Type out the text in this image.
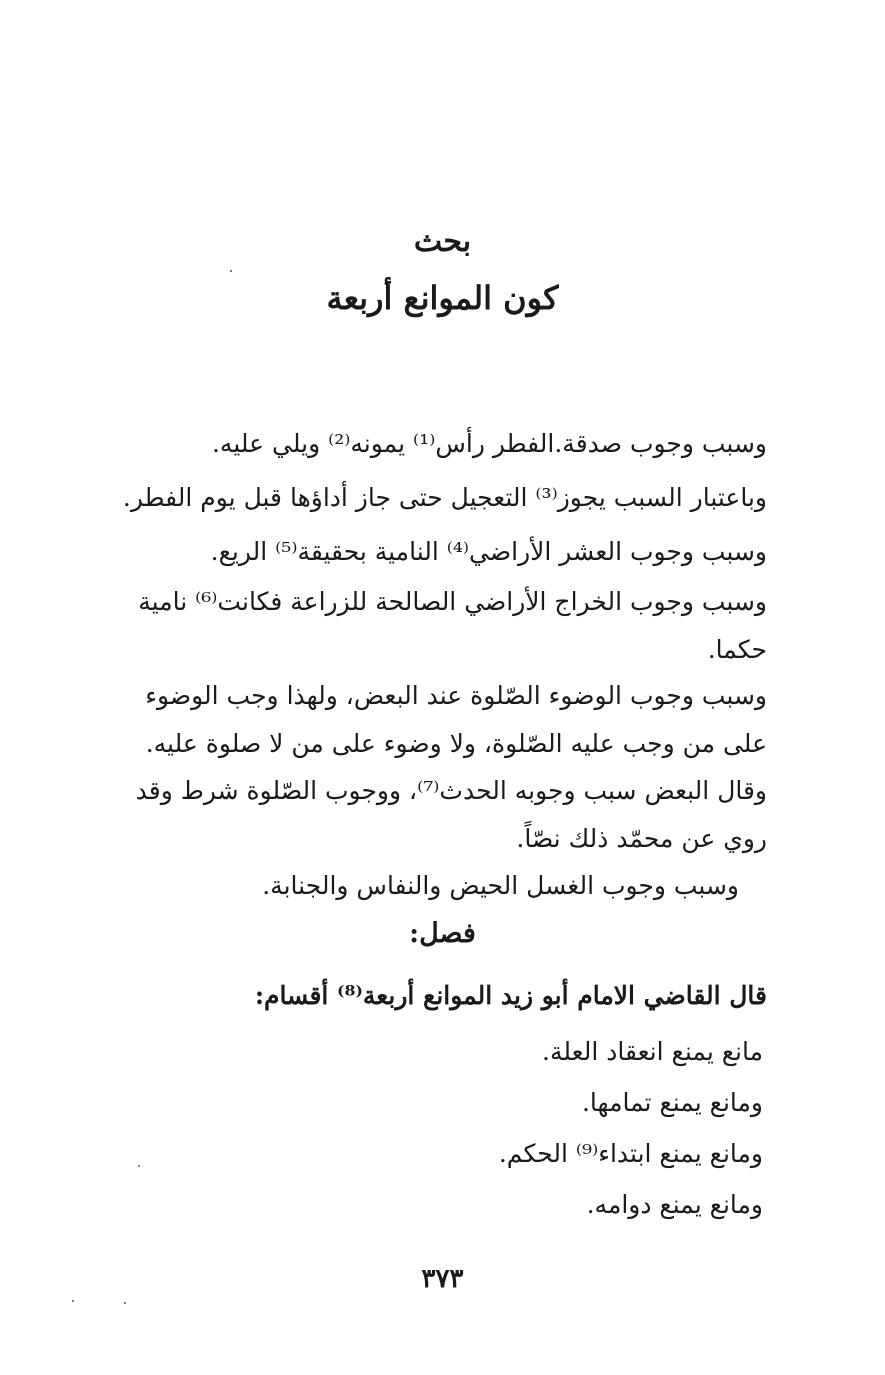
بحث
كون الموانع أربعة
وسبب وجوب صدقة.الفطر رأس⁽¹⁾ يمونه⁽²⁾ ويلي عليه.
وباعتبار السبب يجوز⁽³⁾ التعجيل حتى جاز أداؤها قبل يوم الفطر.
وسبب وجوب العشر الأراضي⁽⁴⁾ النامية بحقيقة⁽⁵⁾ الريع.
وسبب وجوب الخراج الأراضي الصالحة للزراعة فكانت⁽⁶⁾ نامية
حكما.
وسبب وجوب الوضوء الصّلوة عند البعض، ولهذا وجب الوضوء
على من وجب عليه الصّلوة، ولا وضوء على من لا صلوة عليه.
وقال البعض سبب وجوبه الحدث⁽⁷⁾، ووجوب الصّلوة شرط وقد
روي عن محمّد ذلك نصّاً.
وسبب وجوب الغسل الحيض والنفاس والجنابة.
فصل:
قال القاضي الامام أبو زيد الموانع أربعة⁽⁸⁾ أقسام:
مانع يمنع انعقاد العلة.
ومانع يمنع تمامها.
ومانع يمنع ابتداء⁽⁹⁾ الحكم.
ومانع يمنع دوامه.
٣٧٣
